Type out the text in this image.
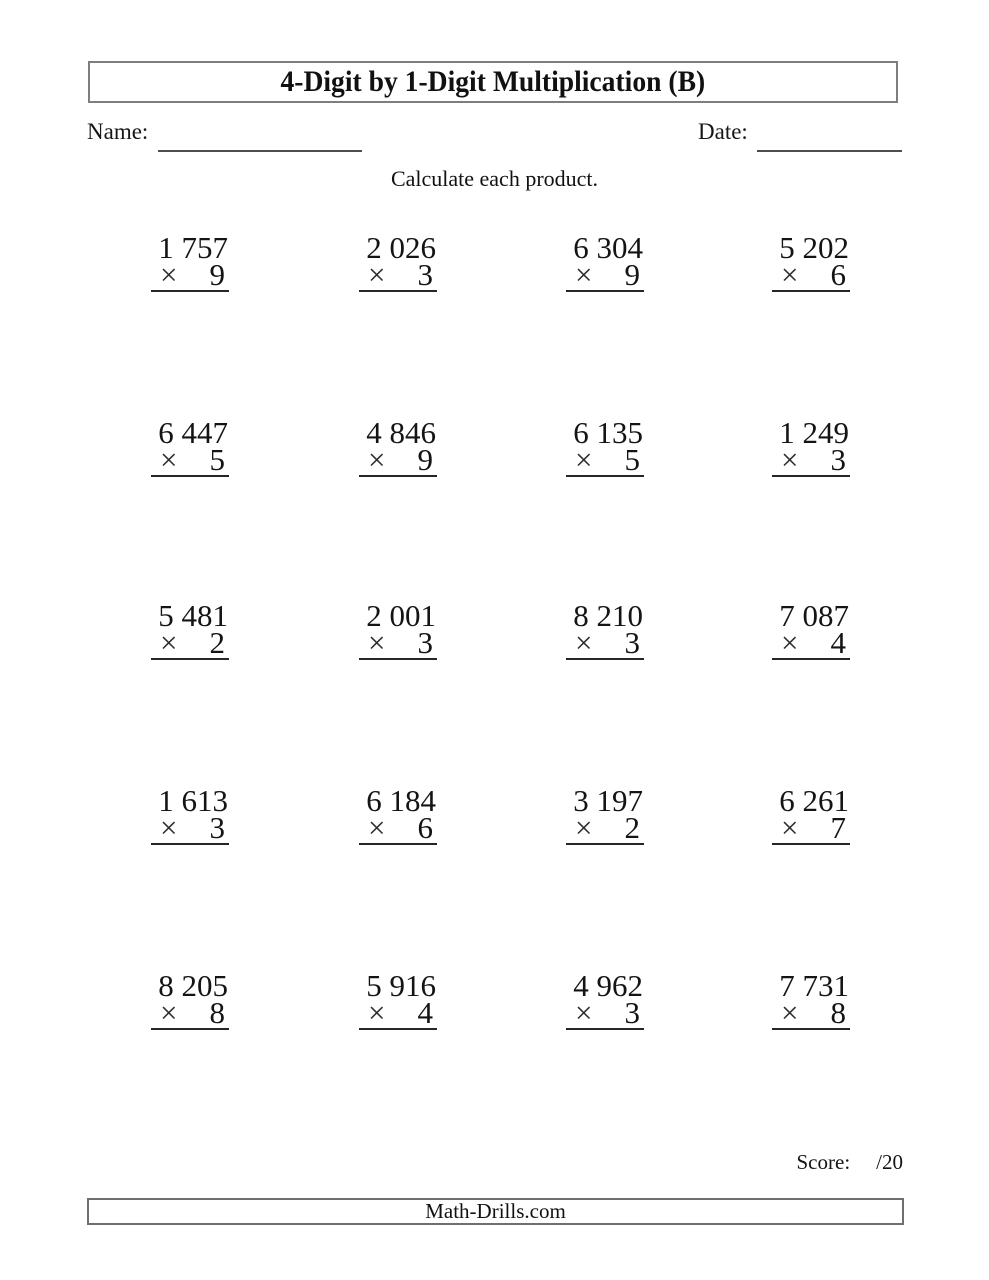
4-Digit by 1-Digit Multiplication (B)
Name:	Date:
Calculate each product.
1 757
× 9
2 026
× 3
6 304
× 9
5 202
× 6
6 447
× 5
4 846
× 9
6 135
× 5
1 249
× 3
5 481
× 2
2 001
× 3
8 210
× 3
7 087
× 4
1 613
× 3
6 184
× 6
3 197
× 2
6 261
× 7
8 205
× 8
5 916
× 4
4 962
× 3
7 731
× 8
Score: /20
Math-Drills.com
